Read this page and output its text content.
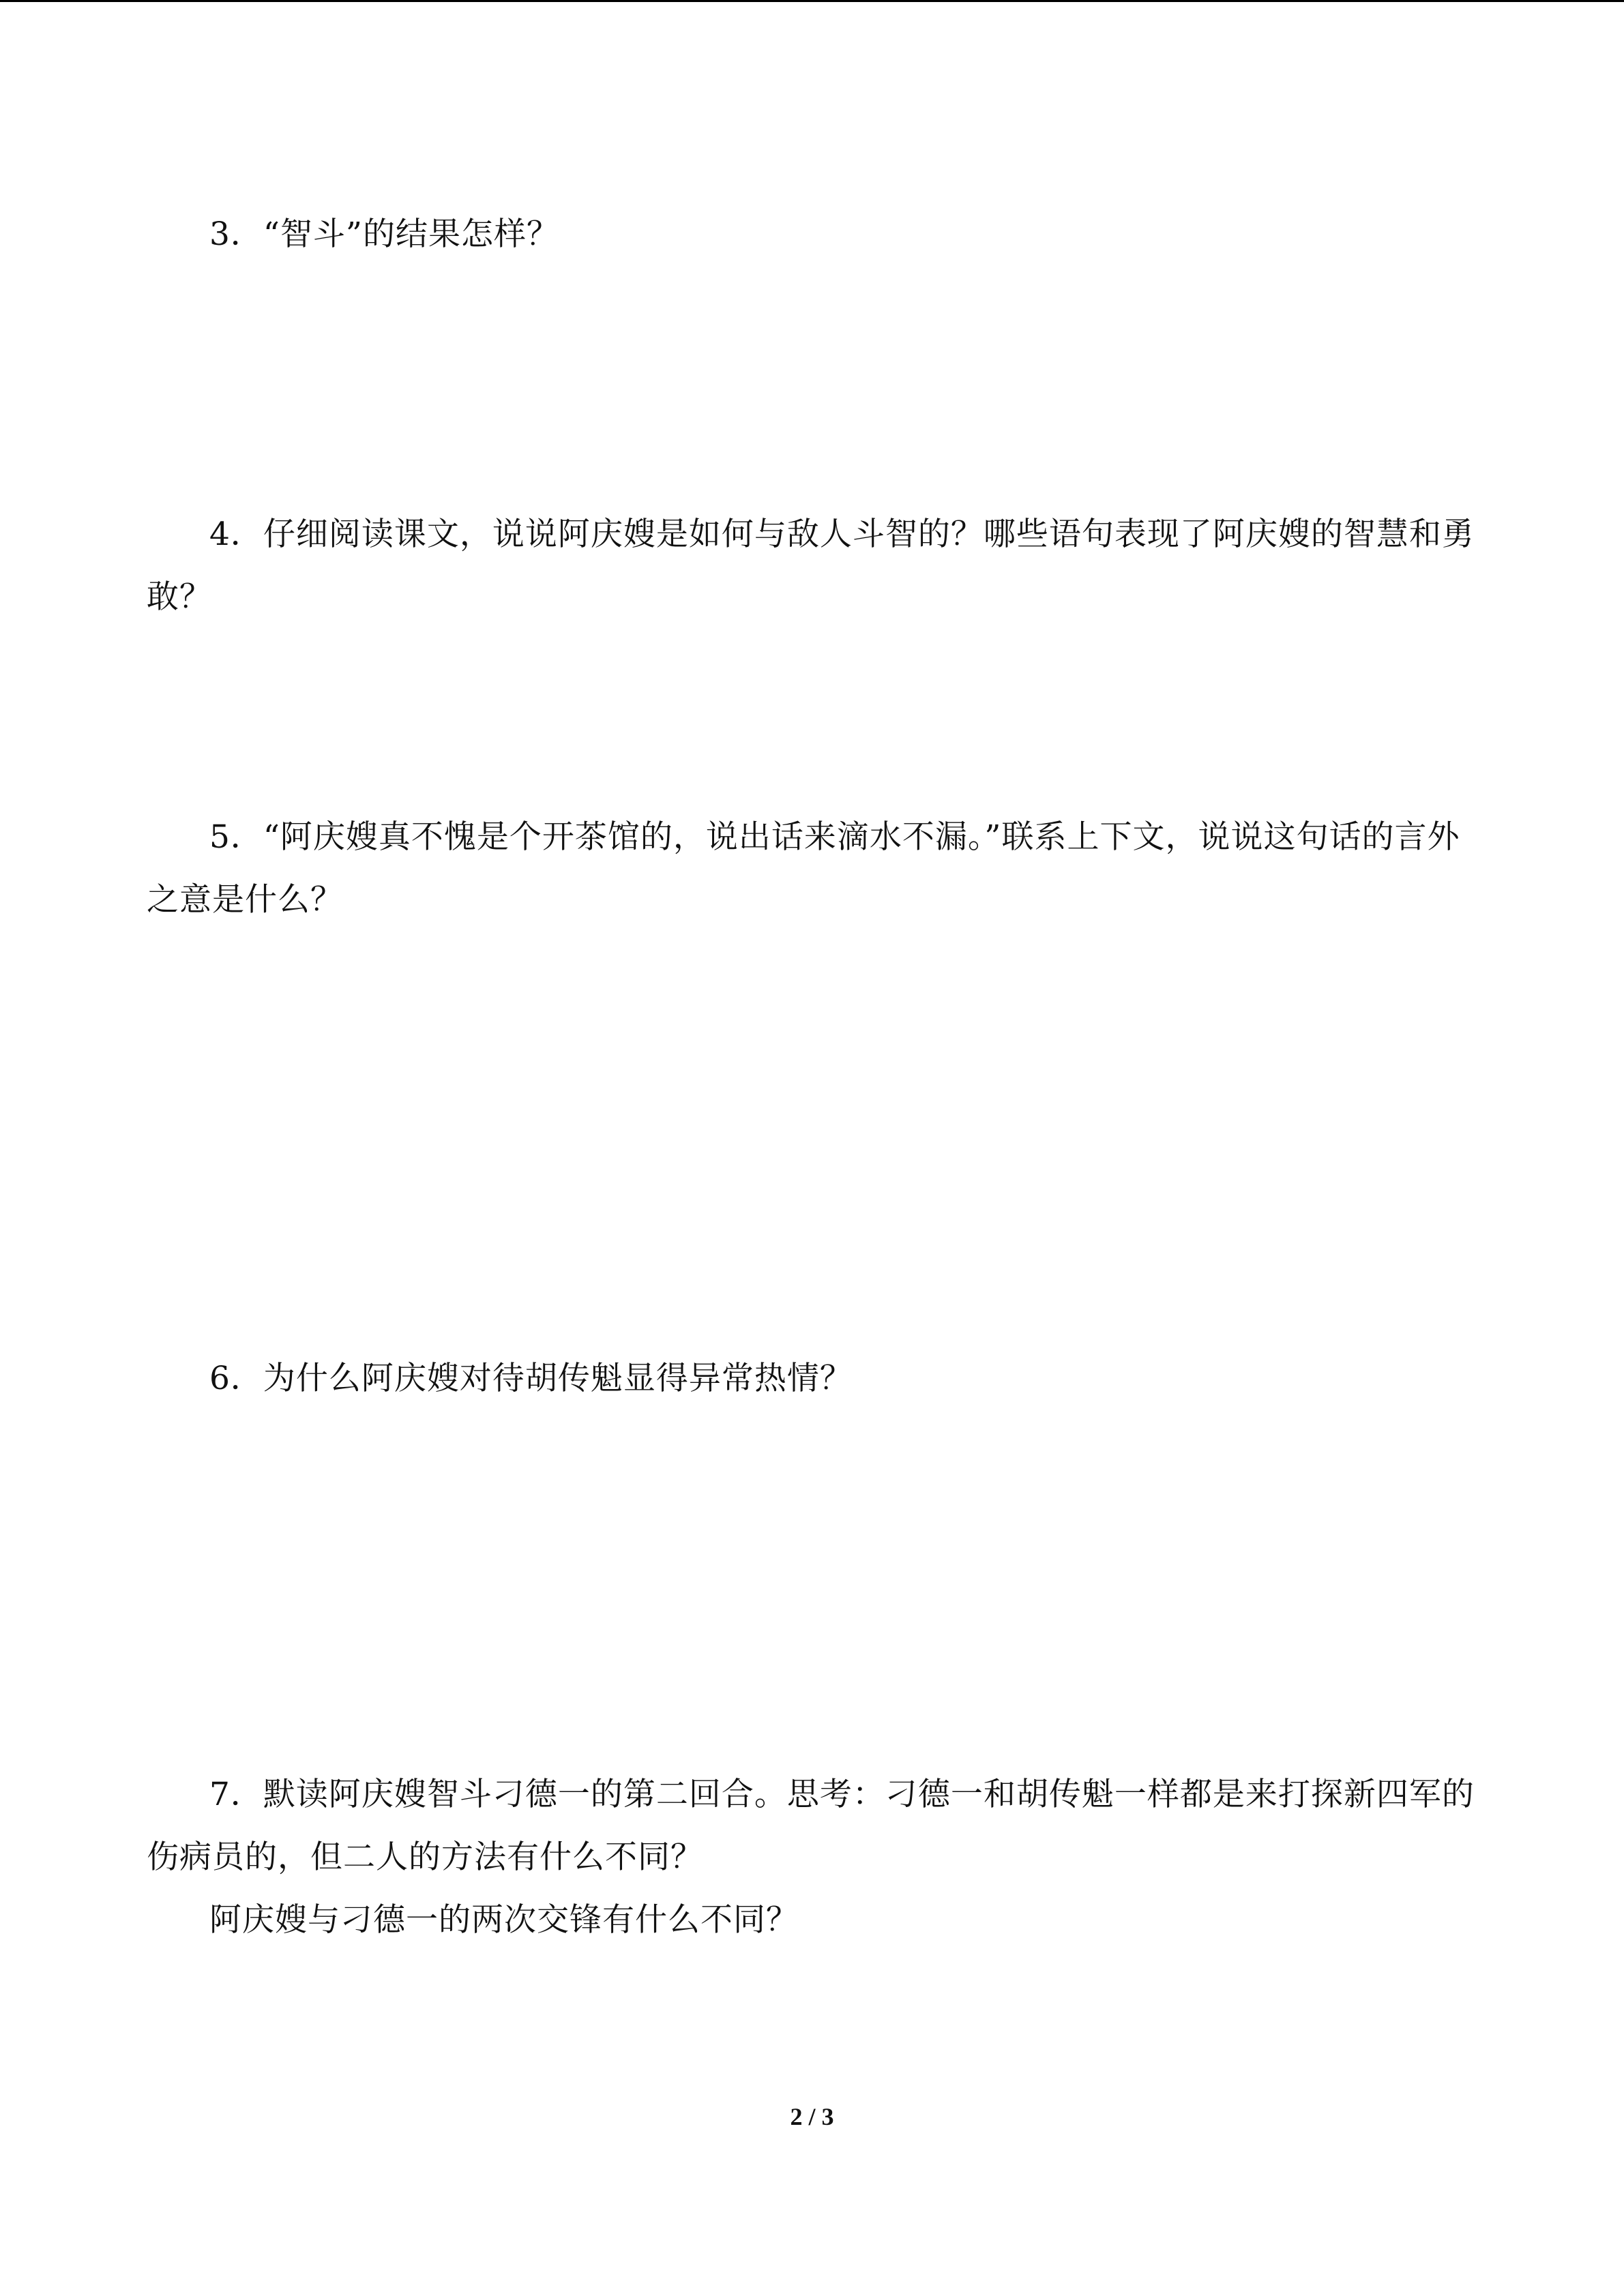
3．“智斗”的结果怎样？

4．仔细阅读课文，说说阿庆嫂是如何与敌人斗智的？哪些语句表现了阿庆嫂的智慧和勇敢？

5．“阿庆嫂真不愧是个开茶馆的，说出话来滴水不漏。”联系上下文，说说这句话的言外之意是什么？

6．为什么阿庆嫂对待胡传魁显得异常热情？

7．默读阿庆嫂智斗刁德一的第二回合。思考：刁德一和胡传魁一样都是来打探新四军的伤病员的，但二人的方法有什么不同？
阿庆嫂与刁德一的两次交锋有什么不同？

2 / 3
